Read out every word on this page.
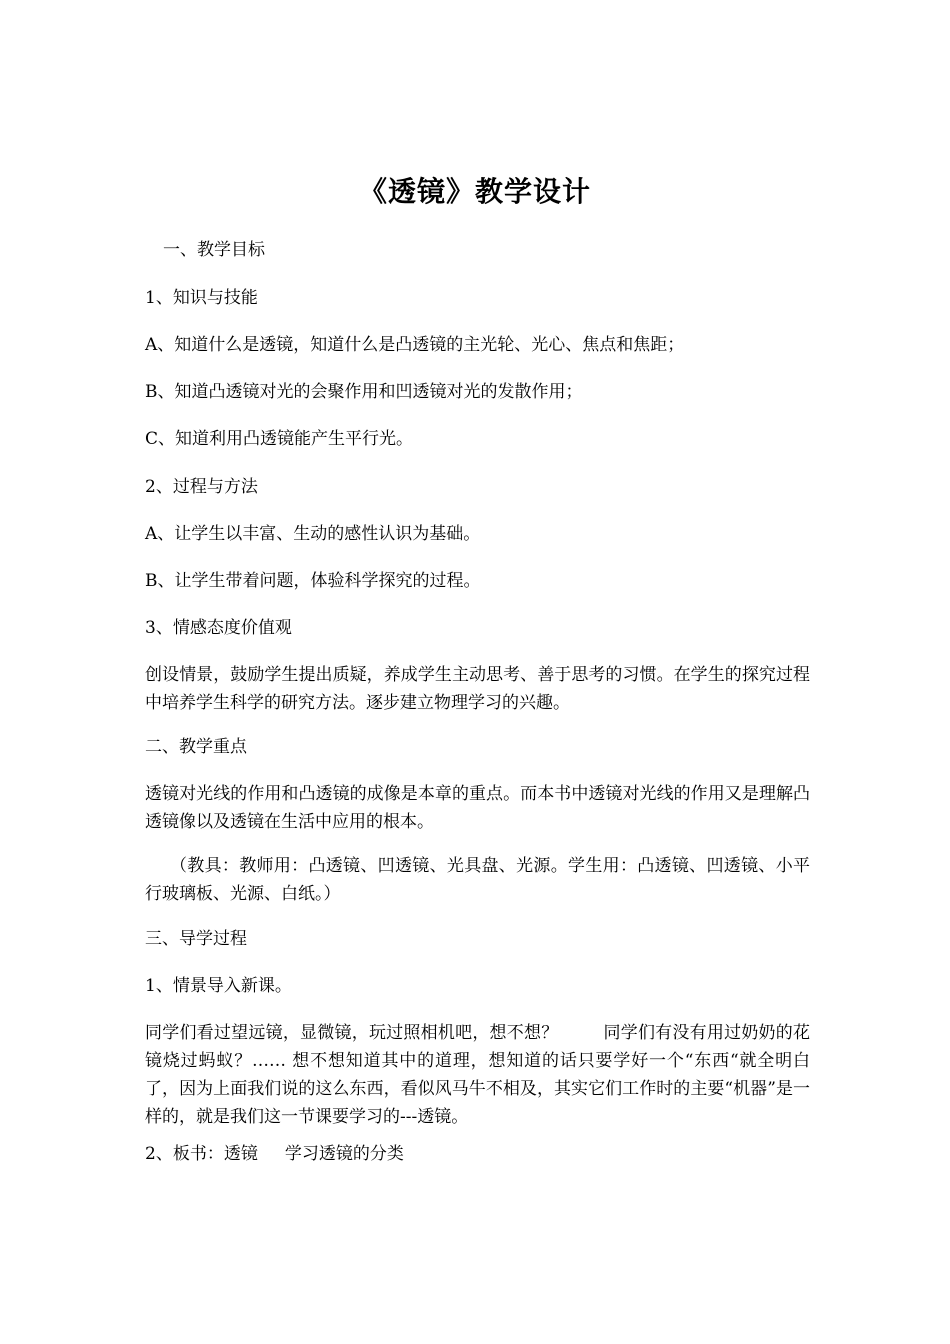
《透镜》教学设计
一、教学目标
1、知识与技能
A、知道什么是透镜，知道什么是凸透镜的主光轮、光心、焦点和焦距；
B、知道凸透镜对光的会聚作用和凹透镜对光的发散作用；
C、知道利用凸透镜能产生平行光。
2、过程与方法
A、让学生以丰富、生动的感性认识为基础。
B、让学生带着问题，体验科学探究的过程。
3、情感态度价值观
创设情景，鼓励学生提出质疑，养成学生主动思考、善于思考的习惯。在学生的探究过程中培养学生科学的研究方法。逐步建立物理学习的兴趣。
二、教学重点
透镜对光线的作用和凸透镜的成像是本章的重点。而本书中透镜对光线的作用又是理解凸透镜像以及透镜在生活中应用的根本。
（教具：教师用：凸透镜、凹透镜、光具盘、光源。学生用：凸透镜、凹透镜、小平行玻璃板、光源、白纸。）
三、导学过程
1、情景导入新课。
同学们看过望远镜，显微镜，玩过照相机吧，想不想？        同学们有没有用过奶奶的花镜烧过蚂蚁？…… 想不想知道其中的道理，想知道的话只要学好一个“东西“就全明白了，因为上面我们说的这么东西，看似风马牛不相及，其实它们工作时的主要“机器”是一样的，就是我们这一节课要学习的---透镜。
2、板书：透镜     学习透镜的分类
